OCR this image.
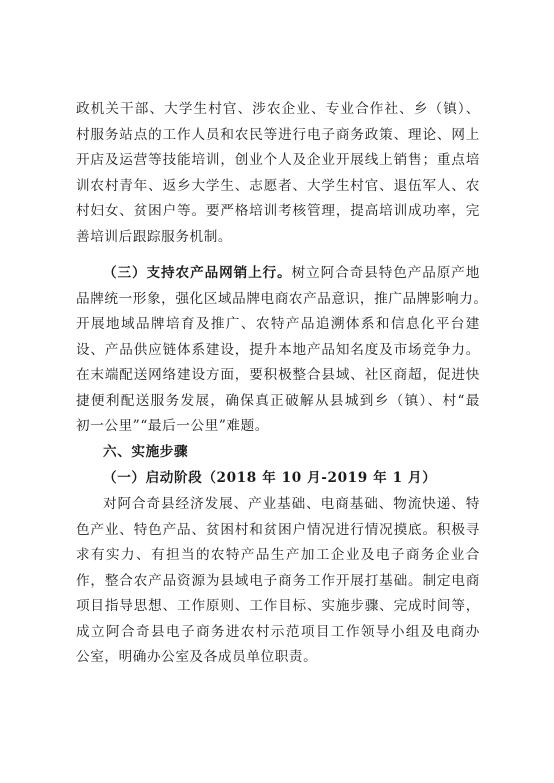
政机关干部、大学生村官、涉农企业、专业合作社、乡（镇）、
村服务站点的工作人员和农民等进行电子商务政策、理论、网上
开店及运营等技能培训，创业个人及企业开展线上销售；重点培
训农村青年、返乡大学生、志愿者、大学生村官、退伍军人、农
村妇女、贫困户等。要严格培训考核管理，提高培训成功率，完
善培训后跟踪服务机制。
（三）支持农产品网销上行。树立阿合奇县特色产品原产地
品牌统一形象，强化区域品牌电商农产品意识，推广品牌影响力。
开展地域品牌培育及推广、农特产品追溯体系和信息化平台建
设、产品供应链体系建设，提升本地产品知名度及市场竞争力。
在末端配送网络建设方面，要积极整合县域、社区商超，促进快
捷便利配送服务发展，确保真正破解从县城到乡（镇）、村“最
初一公里”“最后一公里”难题。
六、实施步骤
（一）启动阶段（2018 年 10 月-2019 年 1 月）
对阿合奇县经济发展、产业基础、电商基础、物流快递、特
色产业、特色产品、贫困村和贫困户情况进行情况摸底。积极寻
求有实力、有担当的农特产品生产加工企业及电子商务企业合
作，整合农产品资源为县域电子商务工作开展打基础。制定电商
项目指导思想、工作原则、工作目标、实施步骤、完成时间等，
成立阿合奇县电子商务进农村示范项目工作领导小组及电商办
公室，明确办公室及各成员单位职责。
